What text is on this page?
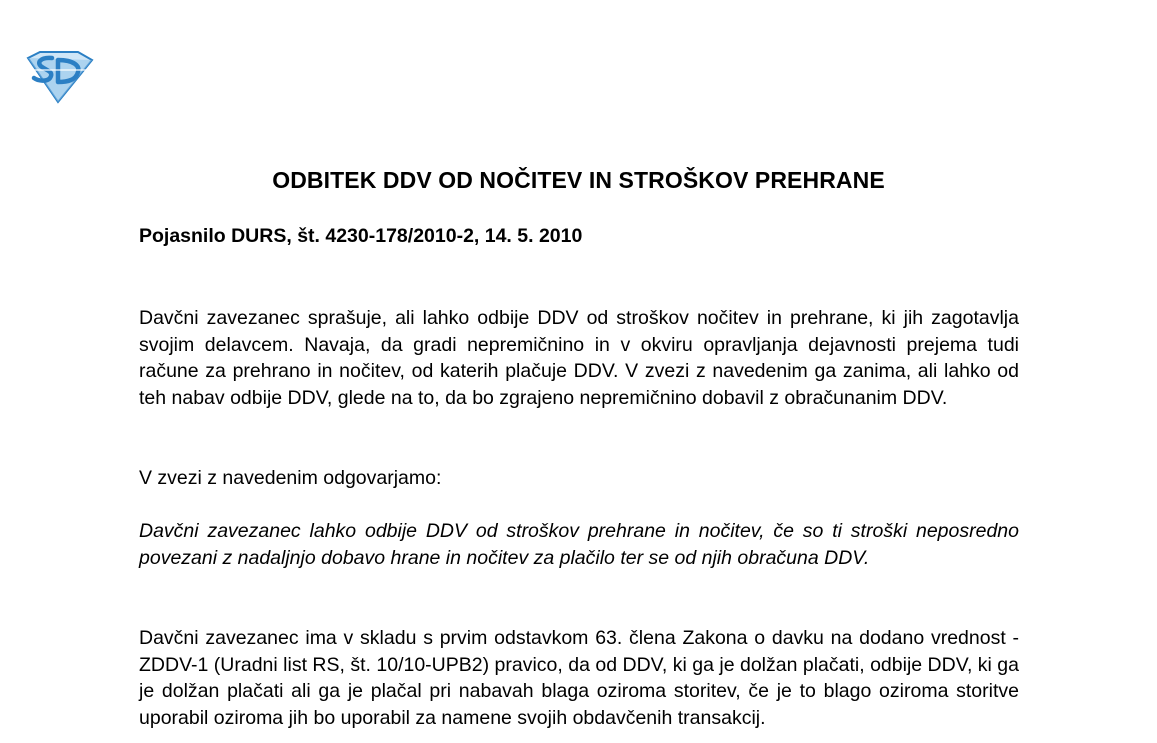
ODBITEK DDV OD NOČITEV IN STROŠKOV PREHRANE

Pojasnilo DURS, št. 4230-178/2010-2, 14. 5. 2010

Davčni zavezanec sprašuje, ali lahko odbije DDV od stroškov nočitev in prehrane, ki jih zagotavlja svojim delavcem. Navaja, da gradi nepremičnino in v okviru opravljanja dejavnosti prejema tudi račune za prehrano in nočitev, od katerih plačuje DDV. V zvezi z navedenim ga zanima, ali lahko od teh nabav odbije DDV, glede na to, da bo zgrajeno nepremičnino dobavil z obračunanim DDV.

V zvezi z navedenim odgovarjamo:

Davčni zavezanec lahko odbije DDV od stroškov prehrane in nočitev, če so ti stroški neposredno povezani z nadaljnjo dobavo hrane in nočitev za plačilo ter se od njih obračuna DDV.

Davčni zavezanec ima v skladu s prvim odstavkom 63. člena Zakona o davku na dodano vrednost - ZDDV-1 (Uradni list RS, št. 10/10-UPB2) pravico, da od DDV, ki ga je dolžan plačati, odbije DDV, ki ga je dolžan plačati ali ga je plačal pri nabavah blaga oziroma storitev, če je to blago oziroma storitve uporabil oziroma jih bo uporabil za namene svojih obdavčenih transakcij.
